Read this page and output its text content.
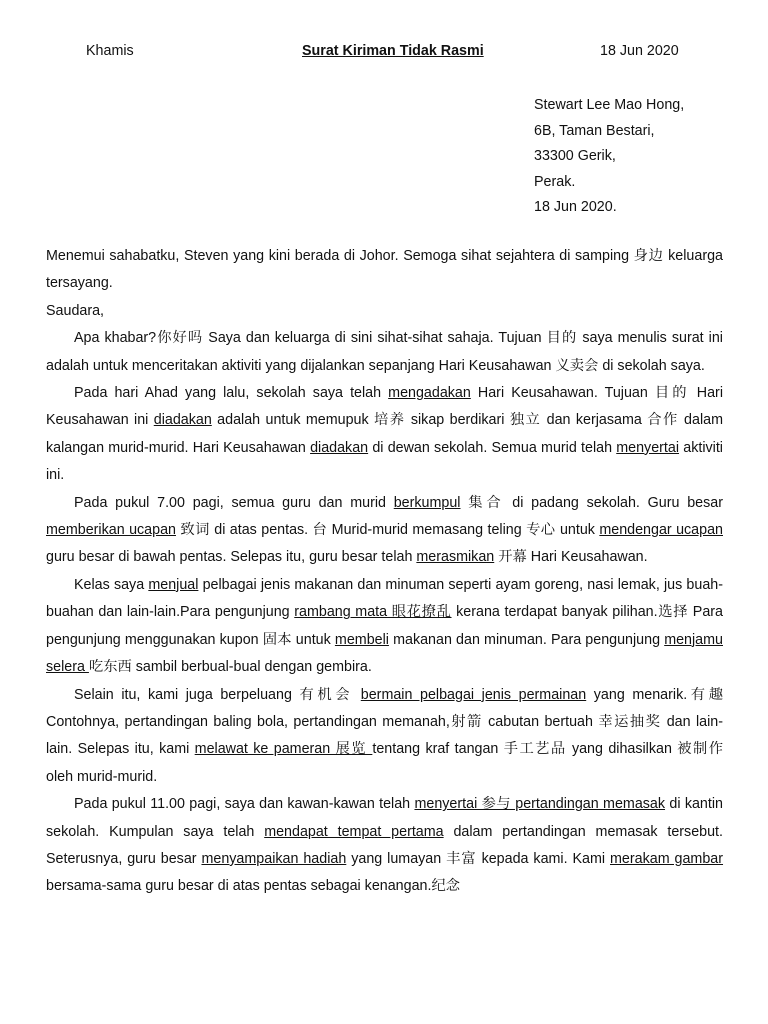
Khamis	Surat Kiriman Tidak Rasmi	18 Jun 2020
Stewart Lee Mao Hong,
6B, Taman Bestari,
33300 Gerik,
Perak.
18 Jun 2020.

Menemui sahabatku, Steven yang kini berada di Johor. Semoga sihat sejahtera di samping 身边 keluarga tersayang.

Saudara,

Apa khabar?你好吗 Saya dan keluarga di sini sihat-sihat sahaja. Tujuan 目的 saya menulis surat ini adalah untuk menceritakan aktiviti yang dijalankan sepanjang Hari Keusahawan 义卖会 di sekolah saya.

Pada hari Ahad yang lalu, sekolah saya telah mengadakan Hari Keusahawan. Tujuan 目的 Hari Keusahawan ini diadakan adalah untuk memupuk 培养 sikap berdikari 独立 dan kerjasama 合作 dalam kalangan murid-murid. Hari Keusahawan diadakan di dewan sekolah. Semua murid telah menyertai aktiviti ini.

Pada pukul 7.00 pagi, semua guru dan murid berkumpul 集合 di padang sekolah. Guru besar memberikan ucapan 致词 di atas pentas. 台 Murid-murid memasang teling 专心 untuk mendengar ucapan guru besar di bawah pentas. Selepas itu, guru besar telah merasmikan 开幕 Hari Keusahawan.

Kelas saya menjual pelbagai jenis makanan dan minuman seperti ayam goreng, nasi lemak, jus buah-buahan dan lain-lain.Para pengunjung rambang mata 眼花撩乱 kerana terdapat banyak pilihan.选择 Para pengunjung menggunakan kupon 固本 untuk membeli makanan dan minuman. Para pengunjung menjamu selera 吃东西 sambil berbual-bual dengan gembira.

Selain itu, kami juga berpeluang 有机会 bermain pelbagai jenis permainan yang menarik.有趣 Contohnya, pertandingan baling bola, pertandingan memanah,射箭 cabutan bertuah 幸运抽奖 dan lain-lain. Selepas itu, kami melawat ke pameran 展览 tentang kraf tangan 手工艺品 yang dihasilkan 被制作 oleh murid-murid.

Pada pukul 11.00 pagi, saya dan kawan-kawan telah menyertai 参与 pertandingan memasak di kantin sekolah. Kumpulan saya telah mendapat tempat pertama dalam pertandingan memasak tersebut. Seterusnya, guru besar menyampaikan hadiah yang lumayan 丰富 kepada kami. Kami merakam gambar bersama-sama guru besar di atas pentas sebagai kenangan.纪念
